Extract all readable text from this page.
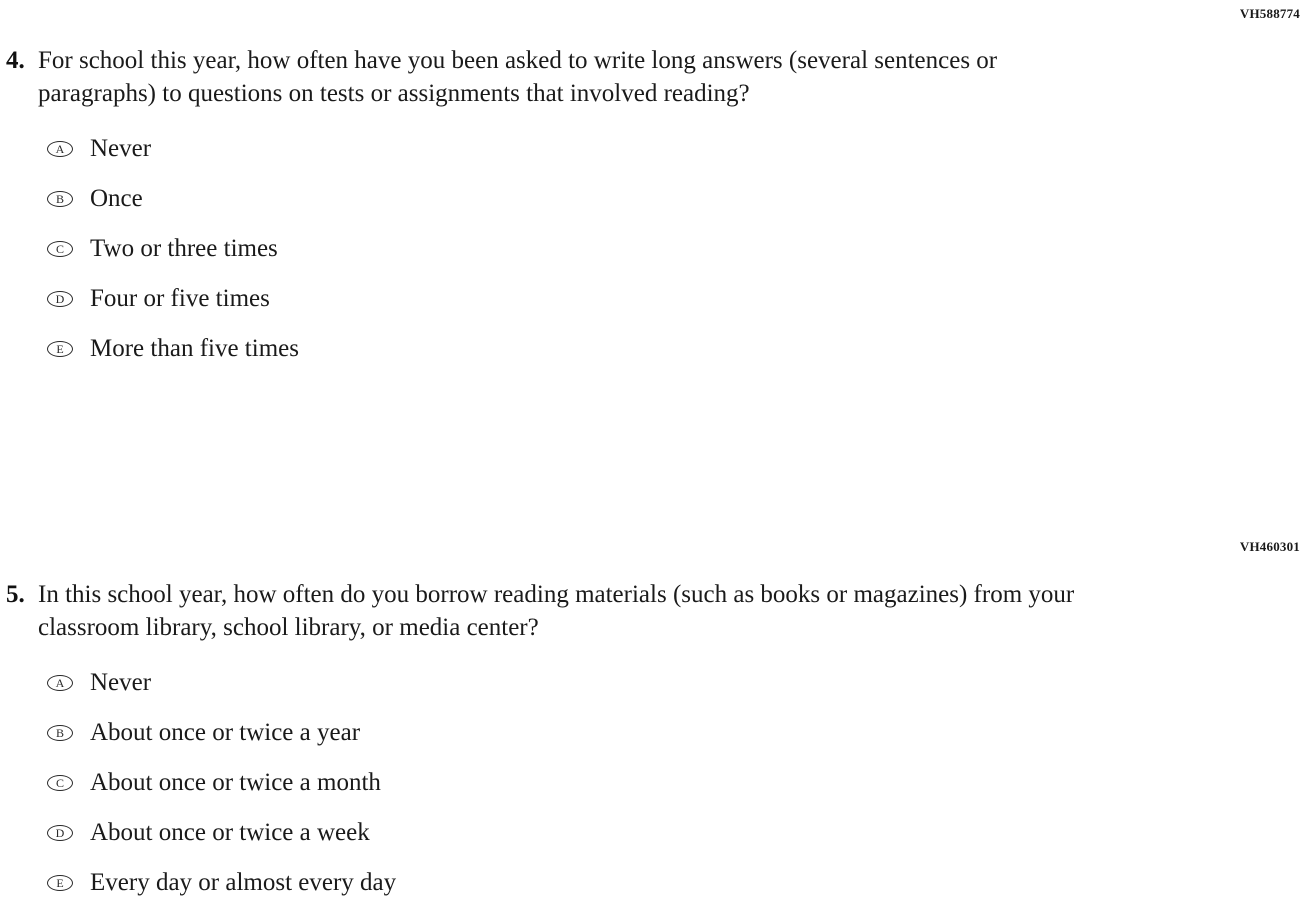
VH588774
4. For school this year, how often have you been asked to write long answers (several sentences or paragraphs) to questions on tests or assignments that involved reading?
A	Never
B	Once
C	Two or three times
D	Four or five times
E	More than five times
VH460301
5. In this school year, how often do you borrow reading materials (such as books or magazines) from your classroom library, school library, or media center?
A	Never
B	About once or twice a year
C	About once or twice a month
D	About once or twice a week
E	Every day or almost every day
